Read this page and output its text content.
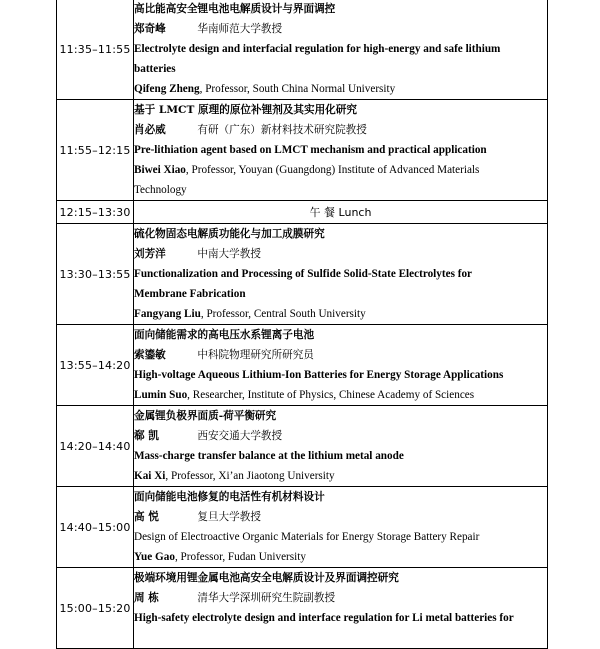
11:35–11:55	高比能高安全锂电池电解质设计与界面调控
郑奇峰 华南师范大学教授
Electrolyte design and interfacial regulation for high-energy and safe lithium
batteries
Qifeng Zheng, Professor, South China Normal University

11:55–12:15	基于 LMCT 原理的原位补锂剂及其实用化研究
肖必威 有研（广东）新材料技术研究院教授
Pre-lithiation agent based on LMCT mechanism and practical application
Biwei Xiao, Professor, Youyan (Guangdong) Institute of Advanced Materials
Technology

12:15–13:30	午 餐 Lunch
13:30–13:55	硫化物固态电解质功能化与加工成膜研究
刘芳洋 中南大学教授
Functionalization and Processing of Sulfide Solid-State Electrolytes for
Membrane Fabrication
Fangyang Liu, Professor, Central South University

13:55–14:20	面向储能需求的高电压水系锂离子电池
索鎏敏 中科院物理研究所研究员
High-voltage Aqueous Lithium-Ion Batteries for Energy Storage Applications
Lumin Suo, Researcher, Institute of Physics, Chinese Academy of Sciences

14:20–14:40	金属锂负极界面质-荷平衡研究
郗 凯 西安交通大学教授
Mass-charge transfer balance at the lithium metal anode
Kai Xi, Professor, Xi’an Jiaotong University

14:40–15:00	面向储能电池修复的电活性有机材料设计
高 悦 复旦大学教授
Design of Electroactive Organic Materials for Energy Storage Battery Repair
Yue Gao, Professor, Fudan University

15:00–15:20	极端环境用锂金属电池高安全电解质设计及界面调控研究
周 栋 清华大学深圳研究生院副教授
High-safety electrolyte design and interface regulation for Li metal batteries for
